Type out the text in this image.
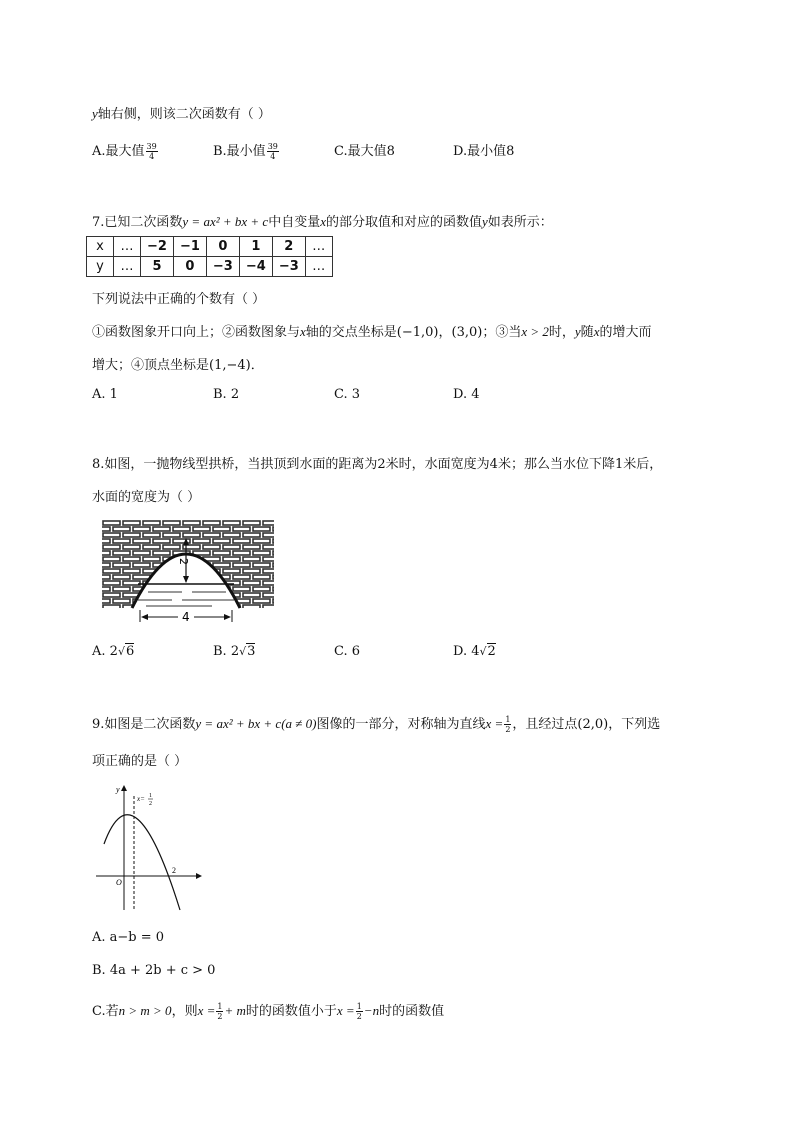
y轴右侧，则该二次函数有（ ）
A.最大值 $\frac{39}{4}$	B.最小值 $\frac{39}{4}$	C.最大值8	D.最小值8
7.已知二次函数y = ax² + bx + c中自变量x的部分取值和对应的函数值y如表所示：
x	…	−2	−1	0	1	2	…
y	…	5	0	−3	−4	−3	…
下列说法中正确的个数有（ ）
①函数图象开口向上；②函数图象与x轴的交点坐标是(−1,0)，(3,0)；③当x > 2时，y随x的增大而
增大；④顶点坐标是(1,−4)．
A. 1	B. 2	C. 3	D. 4
8.如图，一抛物线型拱桥，当拱顶到水面的距离为2米时，水面宽度为4米；那么当水位下降1米后，
水面的宽度为（ ）
2
4
A. 2√6	B. 2√3	C. 6	D. 4√2
9.如图是二次函数y = ax² + bx + c(a ≠ 0)图像的一部分，对称轴为直线$x = \frac{1}{2}$ ，且经过点(2,0)，下列选
项正确的是（ ）
y
O
2
x= 1
2
A. a−b = 0
B. 4a + 2b + c > 0
C.若n > m > 0，则$x = \frac{1}{2} + m$时的函数值小于$x = \frac{1}{2} -n$时的函数值
